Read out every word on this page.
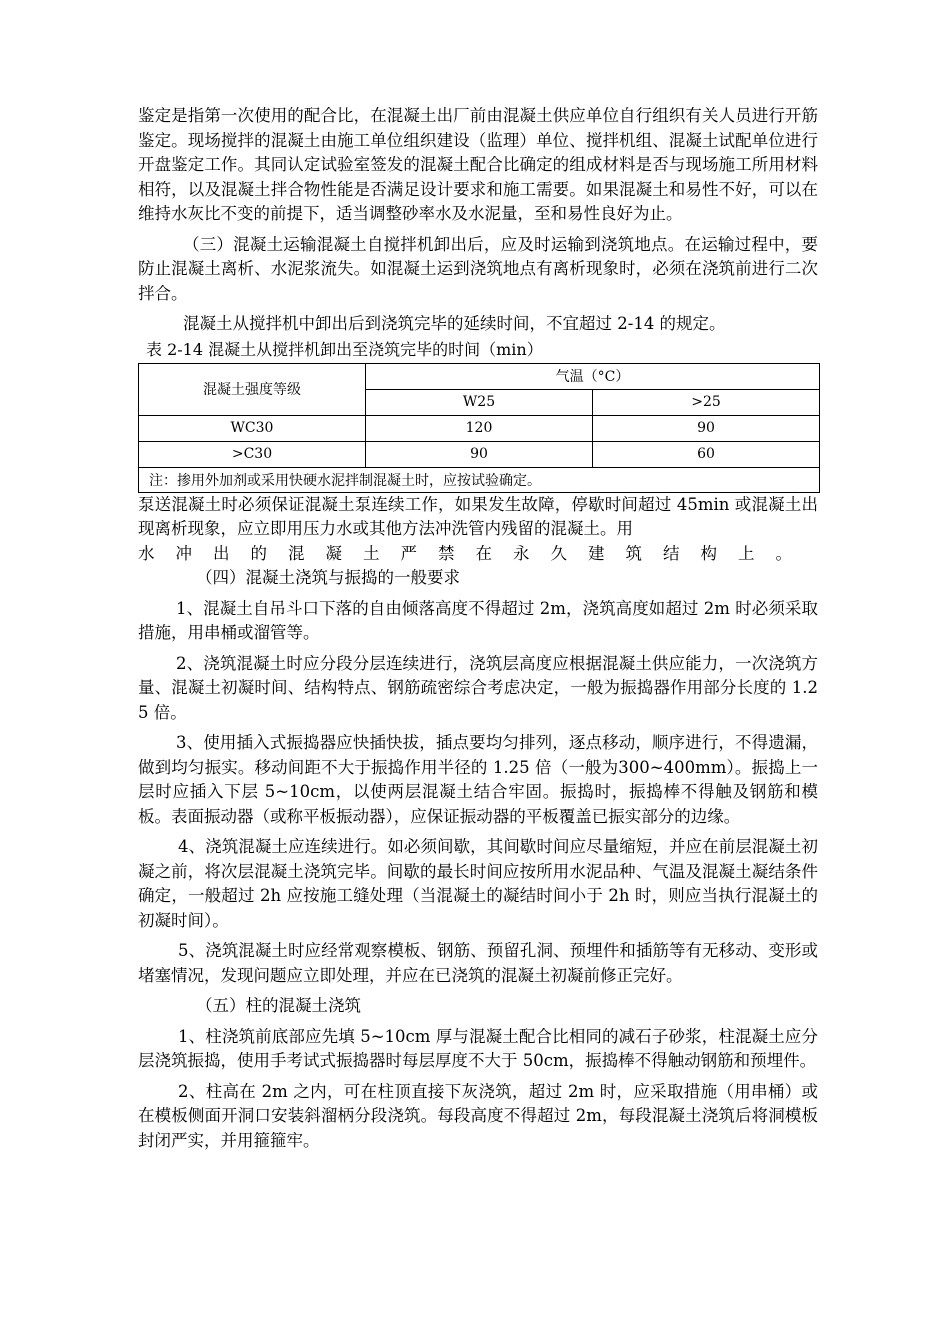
鉴定是指第一次使用的配合比，在混凝土出厂前由混凝土供应单位自行组织有关人员进行开筋鉴定。现场搅拌的混凝土由施工单位组织建设（监理）单位、搅拌机组、混凝土试配单位进行开盘鉴定工作。其同认定试验室签发的混凝土配合比确定的组成材料是否与现场施工所用材料相符，以及混凝土拌合物性能是否满足设计要求和施工需要。如果混凝土和易性不好，可以在维持水灰比不变的前提下，适当调整砂率水及水泥量，至和易性良好为止。

（三）混凝土运输混凝土自搅拌机卸出后，应及时运输到浇筑地点。在运输过程中，要防止混凝土离析、水泥浆流失。如混凝土运到浇筑地点有离析现象时，必须在浇筑前进行二次拌合。

混凝土从搅拌机中卸出后到浇筑完毕的延续时间，不宜超过 2-14 的规定。

表 2-14 混凝土从搅拌机卸出至浇筑完毕的时间（min）
混凝土强度等级	气温（°C）	
	W25	>25
WC30	120	90
>C30	90	60
注：掺用外加剂或采用快硬水泥拌制混凝土时，应按试验确定。		

泵送混凝土时必须保证混凝土泵连续工作，如果发生故障，停歇时间超过 45min 或混凝土出现离析现象，应立即用压力水或其他方法冲洗管内残留的混凝土。用

水冲出的混凝土严禁在永久建筑结构上。

（四）混凝土浇筑与振捣的一般要求

1、混凝土自吊斗口下落的自由倾落高度不得超过 2m，浇筑高度如超过 2m 时必须采取措施，用串桶或溜管等。

2、浇筑混凝土时应分段分层连续进行，浇筑层高度应根据混凝土供应能力，一次浇筑方量、混凝土初凝时间、结构特点、钢筋疏密综合考虑决定，一般为振捣器作用部分长度的 1.25 倍。

3、使用插入式振捣器应快插快拔，插点要均匀排列，逐点移动，顺序进行，不得遗漏，做到均匀振实。移动间距不大于振捣作用半径的 1.25 倍（一般为300~400mm）。振捣上一层时应插入下层 5~10cm，以使两层混凝土结合牢固。振捣时，振捣棒不得触及钢筋和模板。表面振动器（或称平板振动器），应保证振动器的平板覆盖已振实部分的边缘。

4、浇筑混凝土应连续进行。如必须间歇，其间歇时间应尽量缩短，并应在前层混凝土初凝之前，将次层混凝土浇筑完毕。间歇的最长时间应按所用水泥品种、气温及混凝土凝结条件确定，一般超过 2h 应按施工缝处理（当混凝土的凝结时间小于 2h 时，则应当执行混凝土的初凝时间）。

5、浇筑混凝土时应经常观察模板、钢筋、预留孔洞、预埋件和插筋等有无移动、变形或堵塞情况，发现问题应立即处理，并应在已浇筑的混凝土初凝前修正完好。

（五）柱的混凝土浇筑

1、柱浇筑前底部应先填 5~10cm 厚与混凝土配合比相同的减石子砂浆，柱混凝土应分层浇筑振捣，使用手考试式振捣器时每层厚度不大于 50cm，振捣棒不得触动钢筋和预埋件。

2、柱高在 2m 之内，可在柱顶直接下灰浇筑，超过 2m 时，应采取措施（用串桶）或在模板侧面开洞口安装斜溜柄分段浇筑。每段高度不得超过 2m，每段混凝土浇筑后将洞模板封闭严实，并用箍箍牢。
